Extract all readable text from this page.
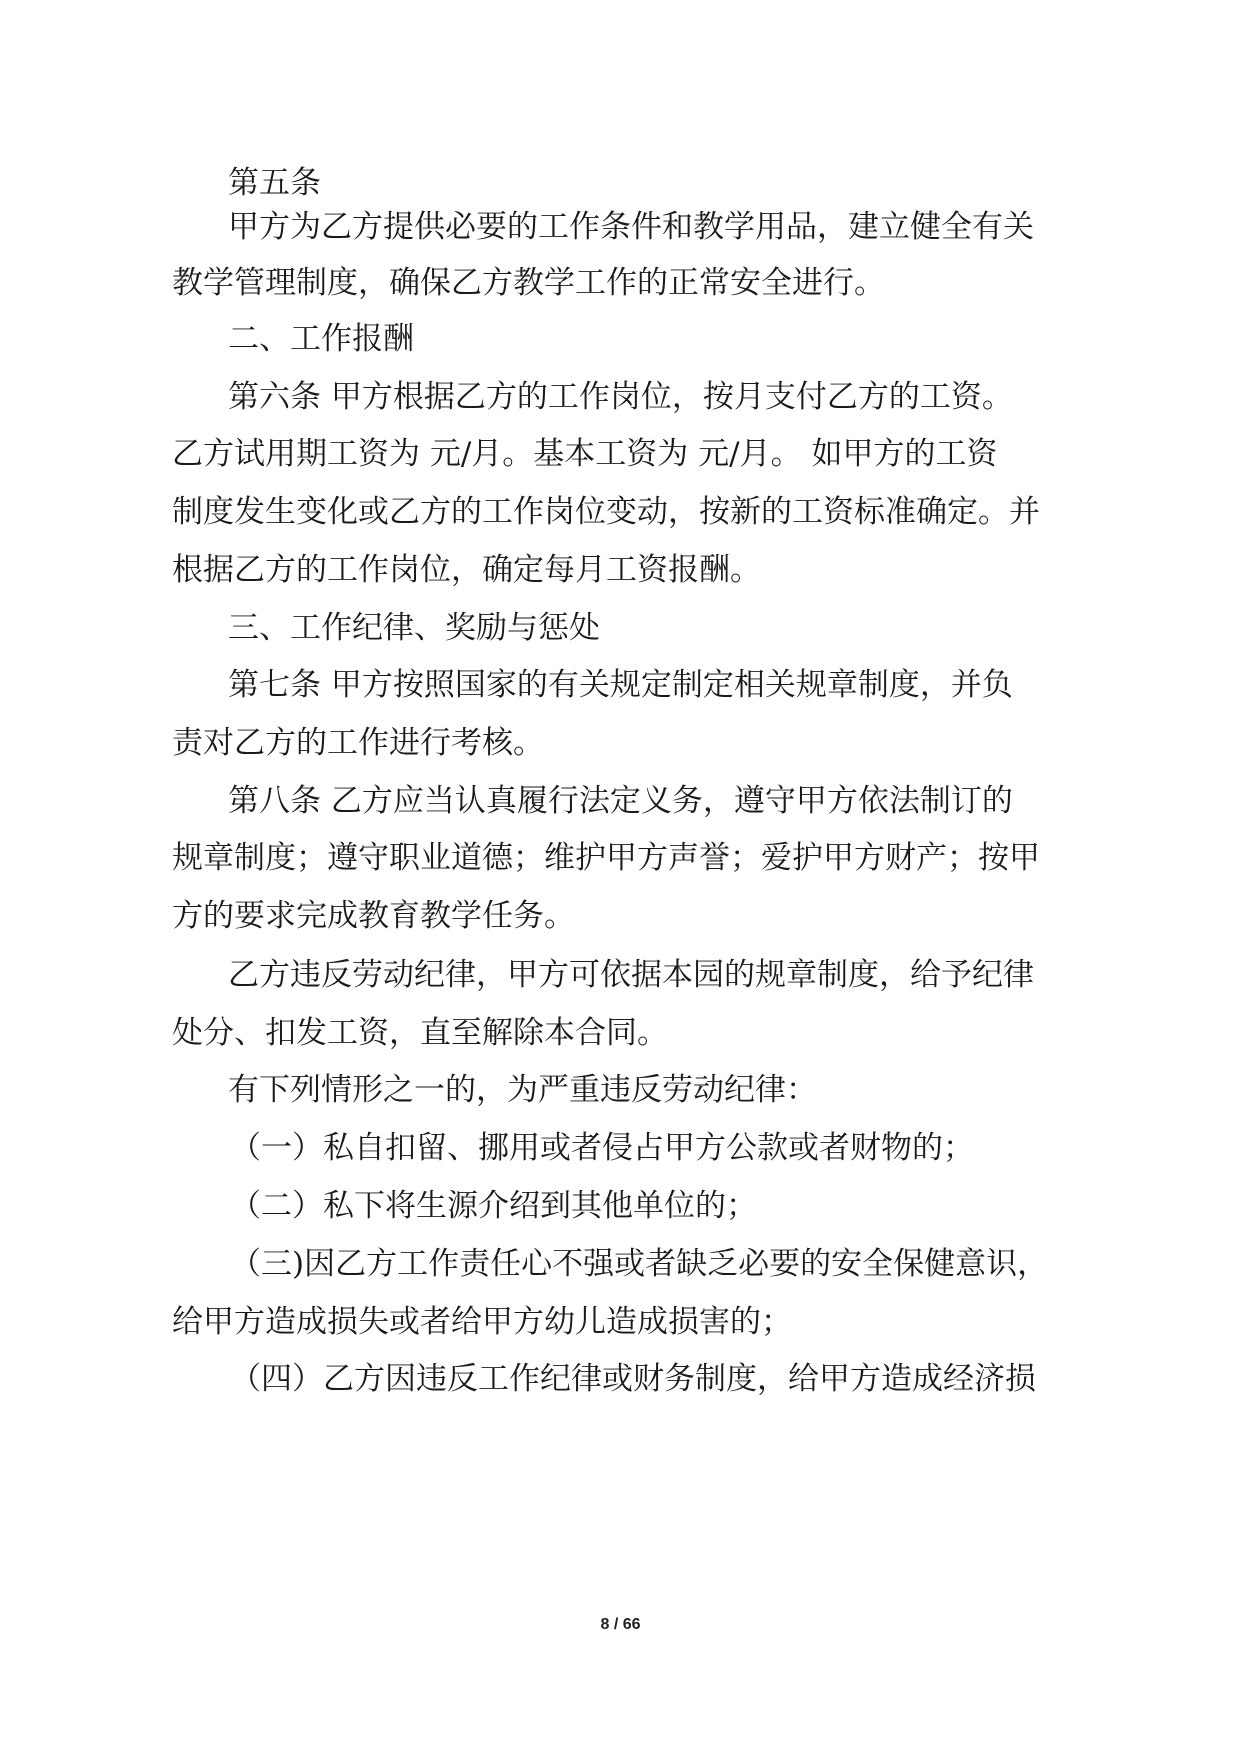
第五条
甲方为乙方提供必要的工作条件和教学用品，建立健全有关
教学管理制度，确保乙方教学工作的正常安全进行。
二、工作报酬
第六条 甲方根据乙方的工作岗位，按月支付乙方的工资。
乙方试用期工资为 元/月。基本工资为 元/月。 如甲方的工资
制度发生变化或乙方的工作岗位变动，按新的工资标准确定。并
根据乙方的工作岗位，确定每月工资报酬。
三、工作纪律、奖励与惩处
第七条 甲方按照国家的有关规定制定相关规章制度，并负
责对乙方的工作进行考核。
第八条 乙方应当认真履行法定义务，遵守甲方依法制订的
规章制度；遵守职业道德；维护甲方声誉；爱护甲方财产；按甲
方的要求完成教育教学任务。
乙方违反劳动纪律，甲方可依据本园的规章制度，给予纪律
处分、扣发工资，直至解除本合同。
有下列情形之一的，为严重违反劳动纪律：
（一）私自扣留、挪用或者侵占甲方公款或者财物的；
（二）私下将生源介绍到其他单位的；
（三)因乙方工作责任心不强或者缺乏必要的安全保健意识，
给甲方造成损失或者给甲方幼儿造成损害的；
（四）乙方因违反工作纪律或财务制度，给甲方造成经济损
8 / 66
